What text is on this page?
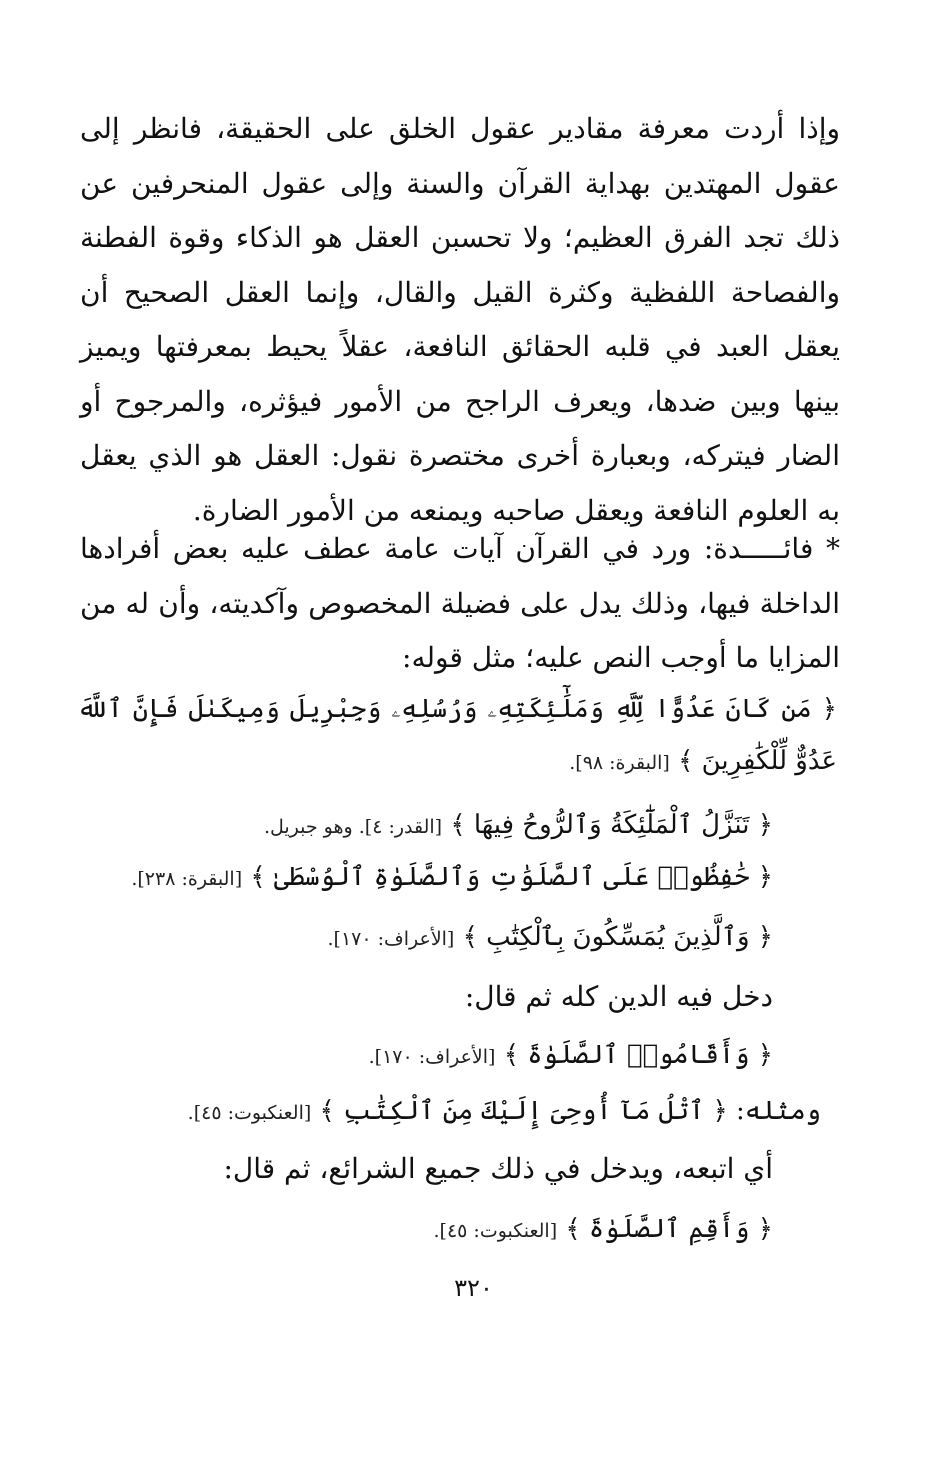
وإذا أردت معرفة مقادير عقول الخلق على الحقيقة، فانظر إلى عقول المهتدين بهداية القرآن والسنة وإلى عقول المنحرفين عن ذلك تجد الفرق العظيم؛ ولا تحسبن العقل هو الذكاء وقوة الفطنة والفصاحة اللفظية وكثرة القيل والقال، وإنما العقل الصحيح أن يعقل العبد في قلبه الحقائق النافعة، عقلاً يحيط بمعرفتها ويميز بينها وبين ضدها، ويعرف الراجح من الأمور فيؤثره، والمرجوح أو الضار فيتركه، وبعبارة أخرى مختصرة نقول: العقل هو الذي يعقل به العلوم النافعة ويعقل صاحبه ويمنعه من الأمور الضارة.

* فائـــــدة: ورد في القرآن آيات عامة عطف عليه بعض أفرادها الداخلة فيها، وذلك يدل على فضيلة المخصوص وآكديته، وأن له من المزايا ما أوجب النص عليه؛ مثل قوله:

﴿ مَن كَانَ عَدُوًّا لِّلَّهِ وَمَلَٰٓئِكَتِهِۦ وَرُسُلِهِۦ وَجِبْرِيلَ وَمِيكَىٰلَ فَإِنَّ ٱللَّهَ
عَدُوٌّ لِّلْكَٰفِرِينَ ﴾ [البقرة: ٩٨].
﴿ تَنَزَّلُ ٱلْمَلَٰٓئِكَةُ وَٱلرُّوحُ فِيهَا ﴾ [القدر: ٤]. وهو جبريل.
﴿ حَٰفِظُوا۟ عَلَى ٱلصَّلَوَٰتِ وَٱلصَّلَوٰةِ ٱلْوُسْطَىٰ ﴾ [البقرة: ٢٣٨].
﴿ وَٱلَّذِينَ يُمَسِّكُونَ بِٱلْكِتَٰبِ ﴾ [الأعراف: ١٧٠].
دخل فيه الدين كله ثم قال:
﴿ وَأَقَامُوا۟ ٱلصَّلَوٰةَ ﴾ [الأعراف: ١٧٠].
ومثله: ﴿ ٱتْلُ مَآ أُوحِىَ إِلَيْكَ مِنَ ٱلْكِتَٰبِ ﴾ [العنكبوت: ٤٥].
أي اتبعه، ويدخل في ذلك جميع الشرائع، ثم قال:
﴿ وَأَقِمِ ٱلصَّلَوٰةَ ﴾ [العنكبوت: ٤٥].
٣٢٠
